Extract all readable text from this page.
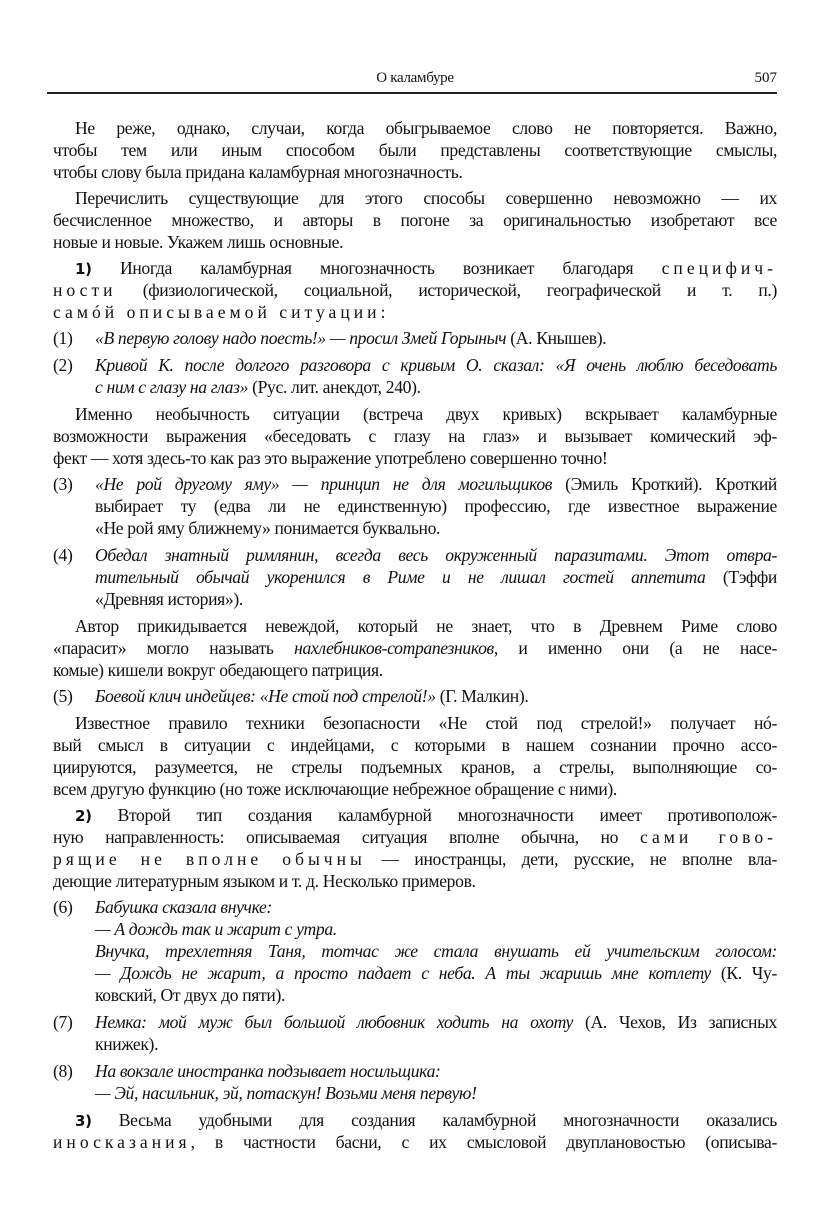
О каламбуре	507
Не реже, однако, случаи, когда обыгрываемое слово не повторяется. Важно,
чтобы тем или иным способом были представлены соответствующие смыслы,
чтобы слову была придана каламбурная многозначность.
Перечислить существующие для этого способы совершенно невозможно — их
бесчисленное множество, и авторы в погоне за оригинальностью изобретают все
новые и новые. Укажем лишь основные.
1) Иногда каламбурная многозначность возникает благодаря специфич-
ности (физиологической, социальной, исторической, географической и т. п.)
самóй описываемой ситуации:
(1) «В первую голову надо поесть!» — просил Змей Горыныч (А. Кнышев).
(2) Кривой К. после долгого разговора с кривым О. сказал: «Я очень люблю беседовать
с ним с глазу на глаз» (Рус. лит. анекдот, 240).
Именно необычность ситуации (встреча двух кривых) вскрывает каламбурные
возможности выражения «беседовать с глазу на глаз» и вызывает комический эф-
фект — хотя здесь-то как раз это выражение употреблено совершенно точно!
(3) «Не рой другому яму» — принцип не для могильщиков (Эмиль Кроткий). Кроткий
выбирает ту (едва ли не единственную) профессию, где известное выражение
«Не рой яму ближнему» понимается буквально.
(4) Обедал знатный римлянин, всегда весь окруженный паразитами. Этот отвра-
тительный обычай укоренился в Риме и не лишал гостей аппетита (Тэффи
«Древняя история»).
Автор прикидывается невеждой, который не знает, что в Древнем Риме слово
«парасит» могло называть нахлебников-сотрапезников, и именно они (а не насе-
комые) кишели вокруг обедающего патриция.
(5) Боевой клич индейцев: «Не стой под стрелой!» (Г. Малкин).
Известное правило техники безопасности «Не стой под стрелой!» получает нó-
вый смысл в ситуации с индейцами, с которыми в нашем сознании прочно ассо-
циируются, разумеется, не стрелы подъемных кранов, а стрелы, выполняющие со-
всем другую функцию (но тоже исключающие небрежное обращение с ними).
2) Второй тип создания каламбурной многозначности имеет противополож-
ную направленность: описываемая ситуация вполне обычна, но сами гово-
рящие не вполне обычны — иностранцы, дети, русские, не вполне вла-
деющие литературным языком и т. д. Несколько примеров.
(6) Бабушка сказала внучке:
— А дождь так и жарит с утра.
Внучка, трехлетняя Таня, тотчас же стала внушать ей учительским голосом:
— Дождь не жарит, а просто падает с неба. А ты жаришь мне котлету (К. Чу-
ковский, От двух до пяти).
(7) Немка: мой муж был большой любовник ходить на охоту (А. Чехов, Из записных
книжек).
(8) На вокзале иностранка подзывает носильщика:
— Эй, насильник, эй, потаскун! Возьми меня первую!
3) Весьма удобными для создания каламбурной многозначности оказались
иносказания, в частности басни, с их смысловой двуплановостью (описыва-
